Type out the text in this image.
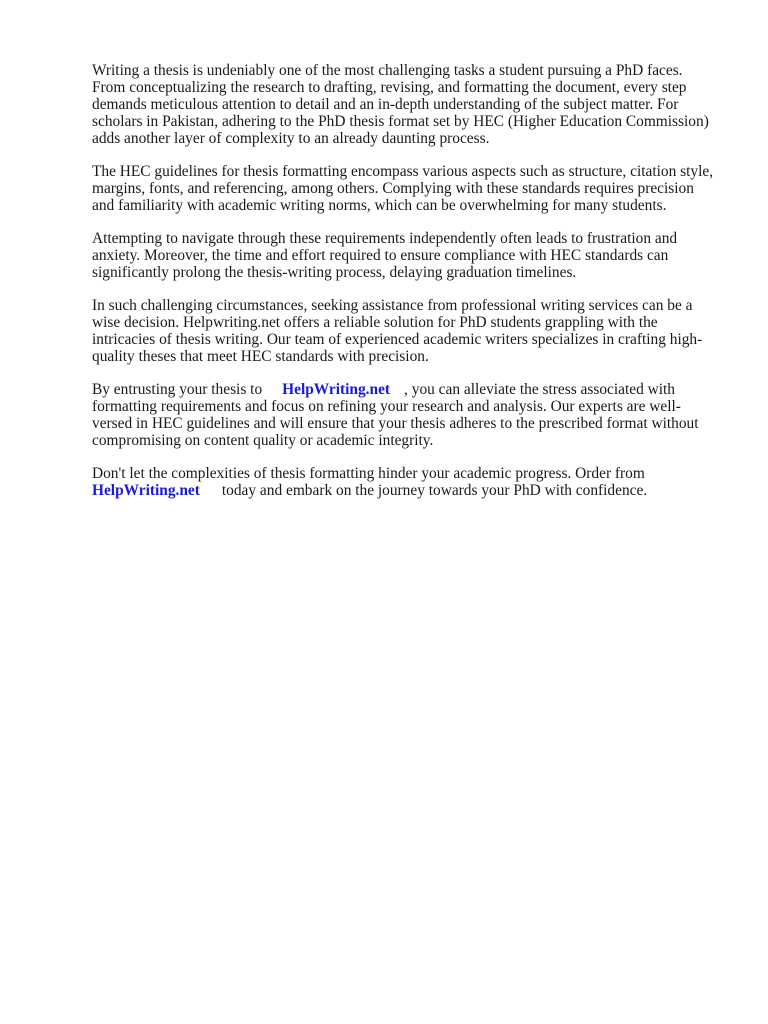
Writing a thesis is undeniably one of the most challenging tasks a student pursuing a PhD faces. From conceptualizing the research to drafting, revising, and formatting the document, every step demands meticulous attention to detail and an in-depth understanding of the subject matter. For scholars in Pakistan, adhering to the PhD thesis format set by HEC (Higher Education Commission) adds another layer of complexity to an already daunting process.

The HEC guidelines for thesis formatting encompass various aspects such as structure, citation style, margins, fonts, and referencing, among others. Complying with these standards requires precision and familiarity with academic writing norms, which can be overwhelming for many students.

Attempting to navigate through these requirements independently often leads to frustration and anxiety. Moreover, the time and effort required to ensure compliance with HEC standards can significantly prolong the thesis-writing process, delaying graduation timelines.

In such challenging circumstances, seeking assistance from professional writing services can be a wise decision. Helpwriting.net offers a reliable solution for PhD students grappling with the intricacies of thesis writing. Our team of experienced academic writers specializes in crafting high-quality theses that meet HEC standards with precision.

By entrusting your thesis to HelpWriting.net , you can alleviate the stress associated with formatting requirements and focus on refining your research and analysis. Our experts are well-versed in HEC guidelines and will ensure that your thesis adheres to the prescribed format without compromising on content quality or academic integrity.

Don't let the complexities of thesis formatting hinder your academic progress. Order from HelpWriting.net today and embark on the journey towards your PhD with confidence.
